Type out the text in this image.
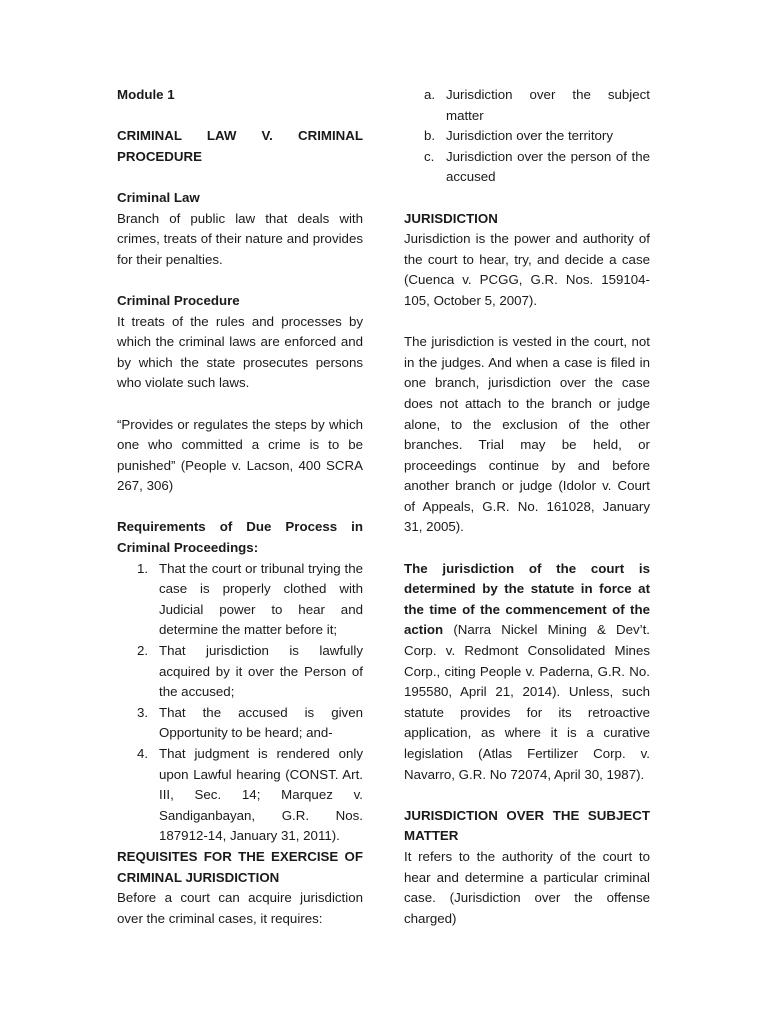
Module 1

CRIMINAL LAW V. CRIMINAL PROCEDURE

Criminal Law

Branch of public law that deals with crimes, treats of their nature and provides for their penalties.

Criminal Procedure

It treats of the rules and processes by which the criminal laws are enforced and by which the state prosecutes persons who violate such laws.

“Provides or regulates the steps by which one who committed a crime is to be punished” (People v. Lacson, 400 SCRA 267, 306)

Requirements of Due Process in Criminal Proceedings:

1. That the court or tribunal trying the case is properly clothed with Judicial power to hear and determine the matter before it;
2. That jurisdiction is lawfully acquired by it over the Person of the accused;
3. That the accused is given Opportunity to be heard; and-
4. That judgment is rendered only upon Lawful hearing (CONST. Art. III, Sec. 14; Marquez v. Sandiganbayan, G.R. Nos. 187912-14, January 31, 2011).

REQUISITES FOR THE EXERCISE OF CRIMINAL JURISDICTION

Before a court can acquire jurisdiction over the criminal cases, it requires:

a. Jurisdiction over the subject matter
b. Jurisdiction over the territory
c. Jurisdiction over the person of the accused

JURISDICTION

Jurisdiction is the power and authority of the court to hear, try, and decide a case (Cuenca v. PCGG, G.R. Nos. 159104-105, October 5, 2007).

The jurisdiction is vested in the court, not in the judges. And when a case is filed in one branch, jurisdiction over the case does not attach to the branch or judge alone, to the exclusion of the other branches. Trial may be held, or proceedings continue by and before another branch or judge (Idolor v. Court of Appeals, G.R. No. 161028, January 31, 2005).

The jurisdiction of the court is determined by the statute in force at the time of the commencement of the action (Narra Nickel Mining & Dev’t. Corp. v. Redmont Consolidated Mines Corp., citing People v. Paderna, G.R. No. 195580, April 21, 2014). Unless, such statute provides for its retroactive application, as where it is a curative legislation (Atlas Fertilizer Corp. v. Navarro, G.R. No 72074, April 30, 1987).

JURISDICTION OVER THE SUBJECT MATTER

It refers to the authority of the court to hear and determine a particular criminal case. (Jurisdiction over the offense charged)
